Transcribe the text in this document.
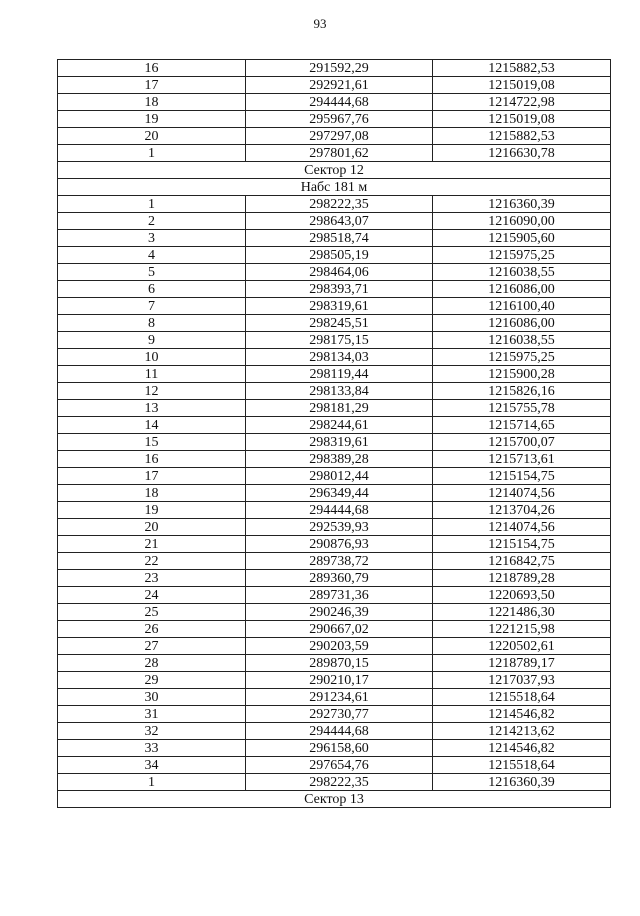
93
16	291592,29	1215882,53
17	292921,61	1215019,08
18	294444,68	1214722,98
19	295967,76	1215019,08
20	297297,08	1215882,53
1	297801,62	1216630,78
Сектор 12		
Набс 181 м		
1	298222,35	1216360,39
2	298643,07	1216090,00
3	298518,74	1215905,60
4	298505,19	1215975,25
5	298464,06	1216038,55
6	298393,71	1216086,00
7	298319,61	1216100,40
8	298245,51	1216086,00
9	298175,15	1216038,55
10	298134,03	1215975,25
11	298119,44	1215900,28
12	298133,84	1215826,16
13	298181,29	1215755,78
14	298244,61	1215714,65
15	298319,61	1215700,07
16	298389,28	1215713,61
17	298012,44	1215154,75
18	296349,44	1214074,56
19	294444,68	1213704,26
20	292539,93	1214074,56
21	290876,93	1215154,75
22	289738,72	1216842,75
23	289360,79	1218789,28
24	289731,36	1220693,50
25	290246,39	1221486,30
26	290667,02	1221215,98
27	290203,59	1220502,61
28	289870,15	1218789,17
29	290210,17	1217037,93
30	291234,61	1215518,64
31	292730,77	1214546,82
32	294444,68	1214213,62
33	296158,60	1214546,82
34	297654,76	1215518,64
1	298222,35	1216360,39
Сектор 13		
